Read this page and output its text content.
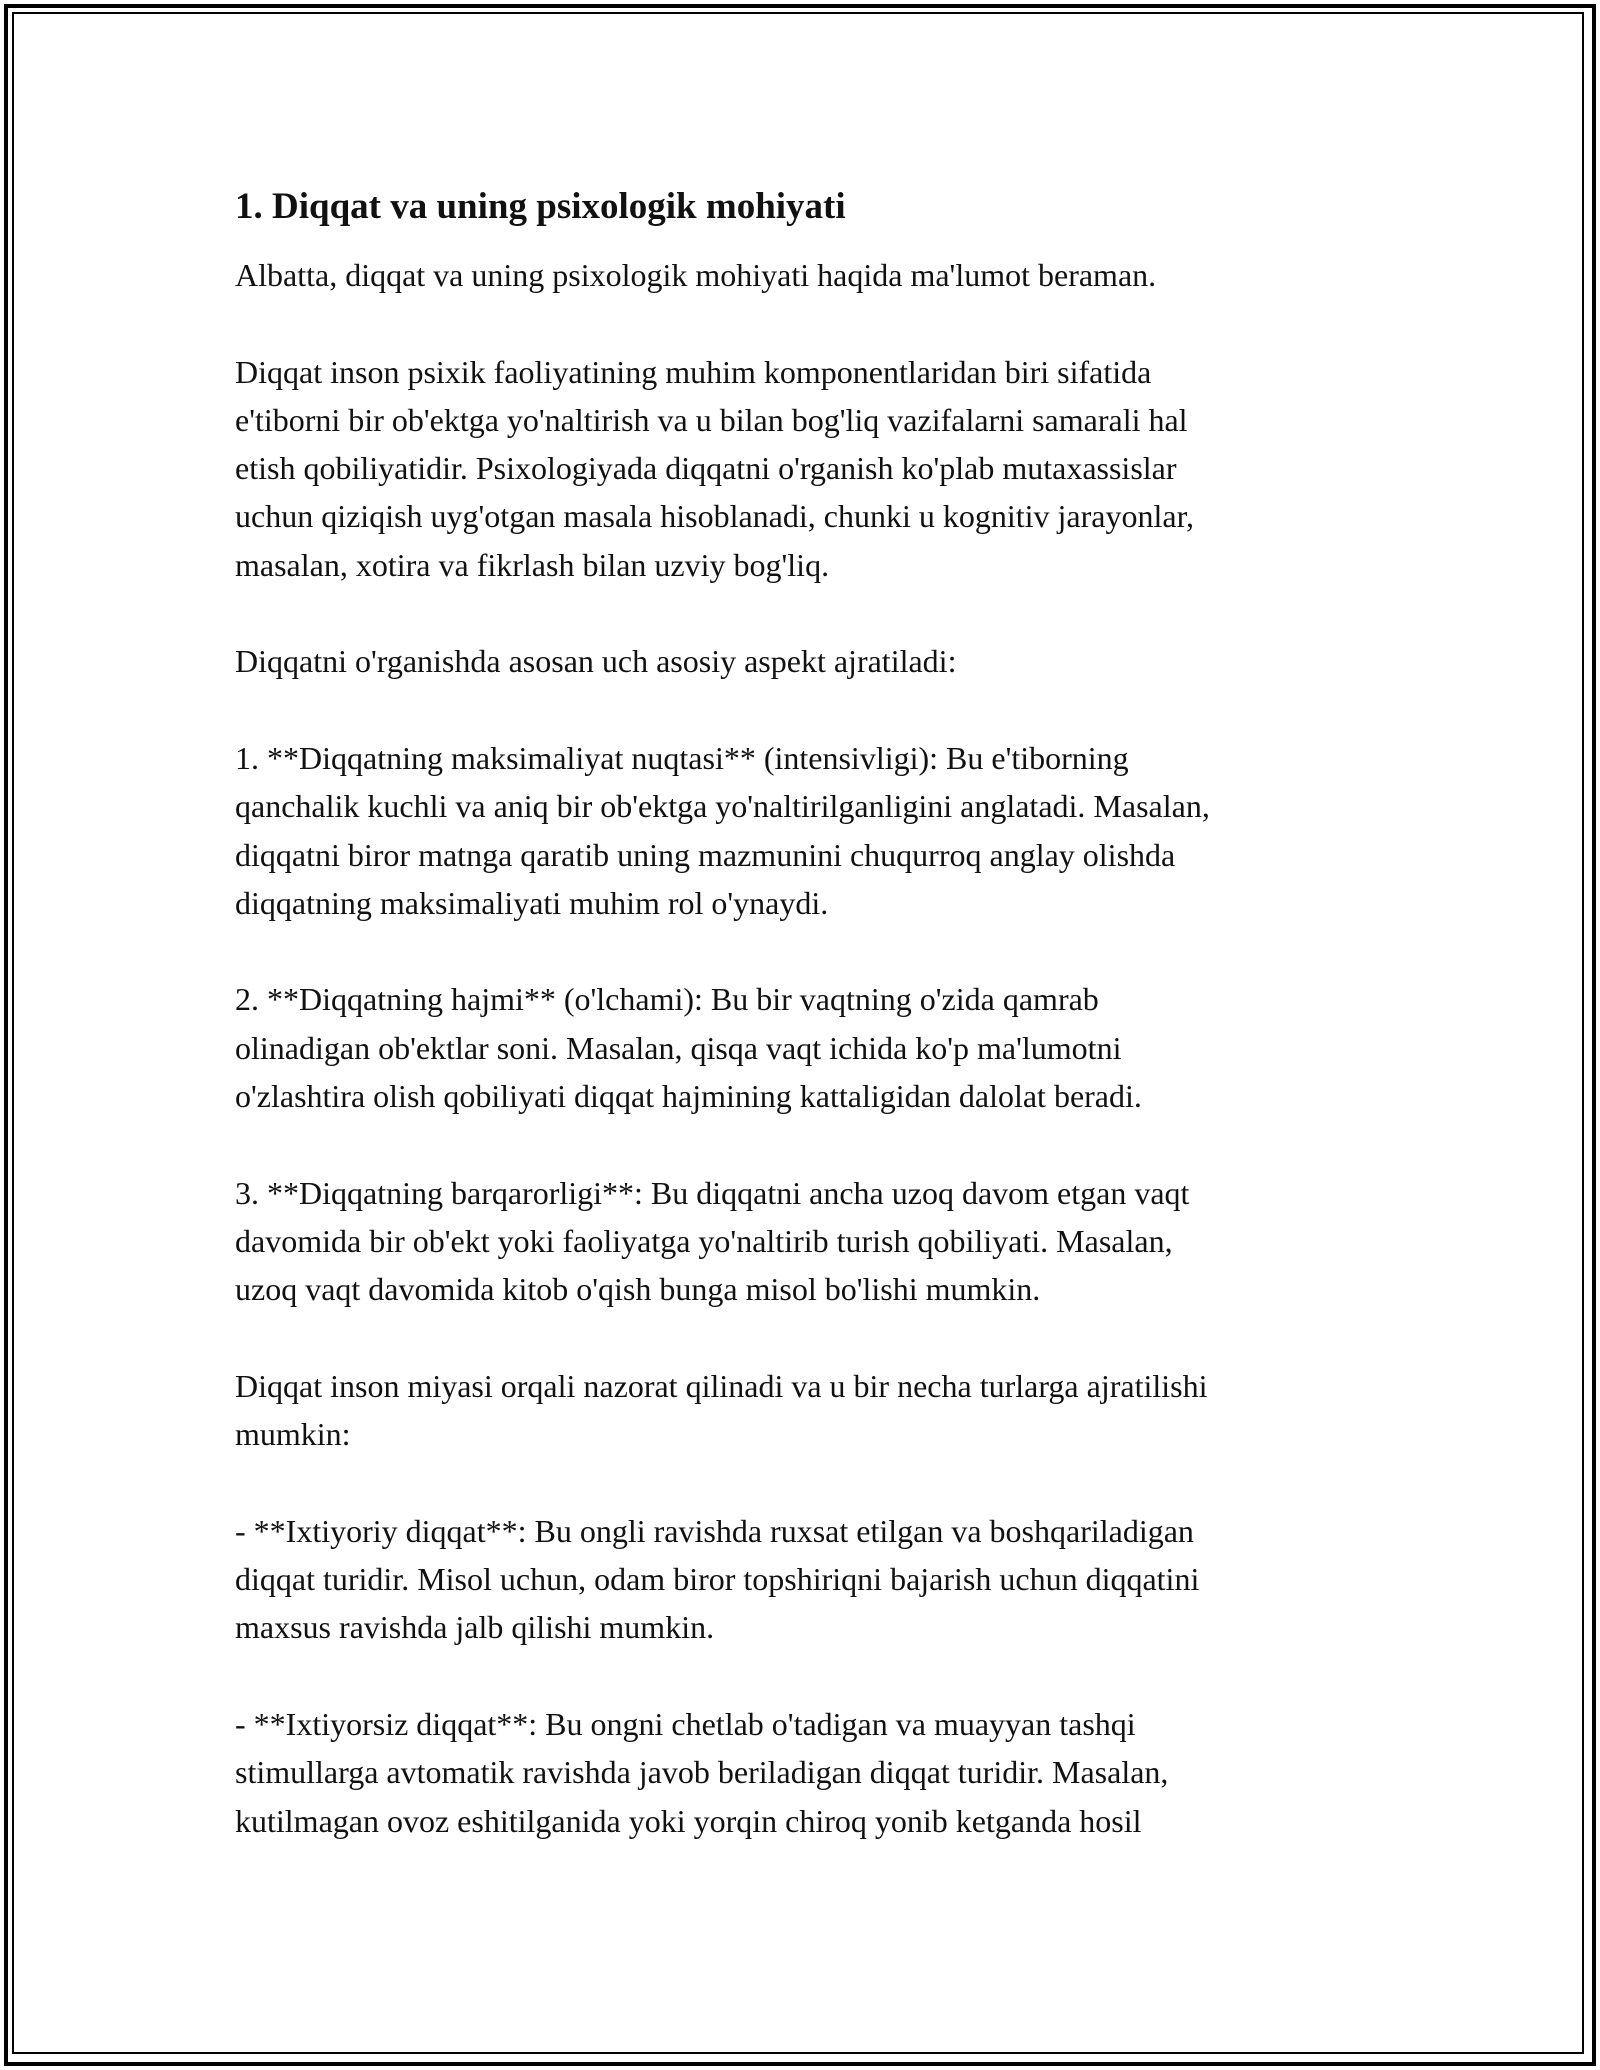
1. Diqqat va uning psixologik mohiyati
Albatta, diqqat va uning psixologik mohiyati haqida ma'lumot beraman.
Diqqat inson psixik faoliyatining muhim komponentlaridan biri sifatida
e'tiborni bir ob'ektga yo'naltirish va u bilan bog'liq vazifalarni samarali hal
etish qobiliyatidir. Psixologiyada diqqatni o'rganish ko'plab mutaxassislar
uchun qiziqish uyg'otgan masala hisoblanadi, chunki u kognitiv jarayonlar,
masalan, xotira va fikrlash bilan uzviy bog'liq.
Diqqatni o'rganishda asosan uch asosiy aspekt ajratiladi:
1. **Diqqatning maksimaliyat nuqtasi** (intensivligi): Bu e'tiborning
qanchalik kuchli va aniq bir ob'ektga yo'naltirilganligini anglatadi. Masalan,
diqqatni biror matnga qaratib uning mazmunini chuqurroq anglay olishda
diqqatning maksimaliyati muhim rol o'ynaydi.
2. **Diqqatning hajmi** (o'lchami): Bu bir vaqtning o'zida qamrab
olinadigan ob'ektlar soni. Masalan, qisqa vaqt ichida ko'p ma'lumotni
o'zlashtira olish qobiliyati diqqat hajmining kattaligidan dalolat beradi.
3. **Diqqatning barqarorligi**: Bu diqqatni ancha uzoq davom etgan vaqt
davomida bir ob'ekt yoki faoliyatga yo'naltirib turish qobiliyati. Masalan,
uzoq vaqt davomida kitob o'qish bunga misol bo'lishi mumkin.
Diqqat inson miyasi orqali nazorat qilinadi va u bir necha turlarga ajratilishi
mumkin:
- **Ixtiyoriy diqqat**: Bu ongli ravishda ruxsat etilgan va boshqariladigan
diqqat turidir. Misol uchun, odam biror topshiriqni bajarish uchun diqqatini
maxsus ravishda jalb qilishi mumkin.
- **Ixtiyorsiz diqqat**: Bu ongni chetlab o'tadigan va muayyan tashqi
stimullarga avtomatik ravishda javob beriladigan diqqat turidir. Masalan,
kutilmagan ovoz eshitilganida yoki yorqin chiroq yonib ketganda hosil
